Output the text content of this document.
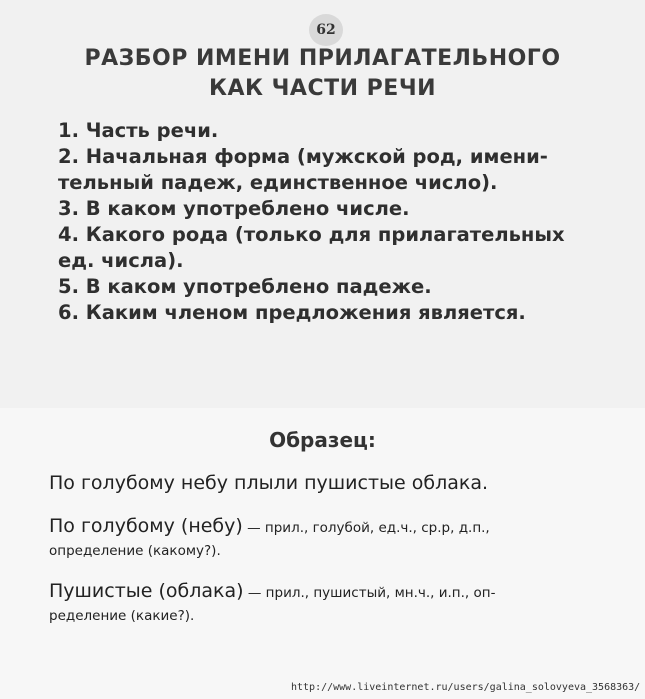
62
РАЗБОР ИМЕНИ ПРИЛАГАТЕЛЬНОГО
КАК ЧАСТИ РЕЧИ
1. Часть речи.
2. Начальная форма (мужской род, имени-
тельный падеж, единственное число).
3. В каком употреблено числе.
4. Какого рода (только для прилагательных
ед. числа).
5. В каком употреблено падеже.
6. Каким членом предложения является.
Образец:
По голубому небу плыли пушистые облака.
По голубому (небу) — прил., голубой, ед.ч., ср.р, д.п.,
определение (какому?).
Пушистые (облака) — прил., пушистый, мн.ч., и.п., оп-
ределение (какие?).
http://www.liveinternet.ru/users/galina_solovyeva_3568363/
